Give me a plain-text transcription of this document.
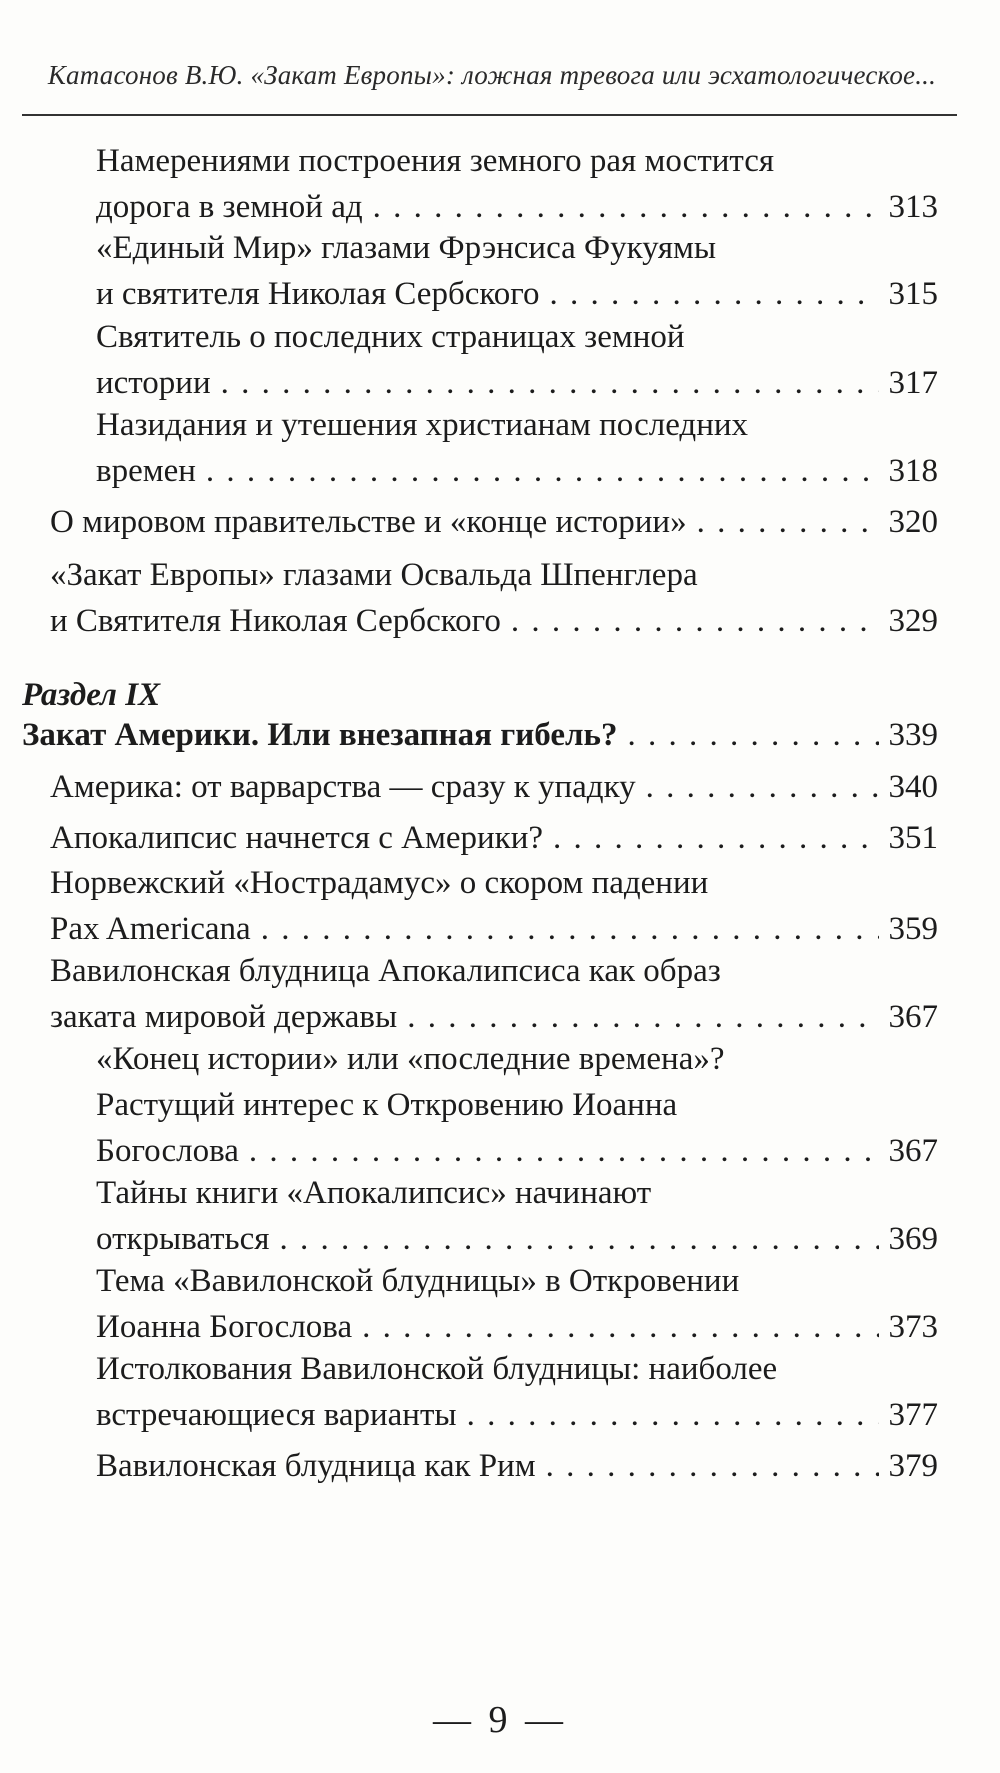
Катасонов В.Ю. «Закат Европы»: ложная тревога или эсхатологическое...
Намерениями построения земного рая мостится
дорога в земной ад . . .	313
«Единый Мир» глазами Фрэнсиса Фукуямы
и святителя Николая Сербского . . .	315
Святитель о последних страницах земной
истории . . .	317
Назидания и утешения христианам последних
времен . . .	318
О мировом правительстве и «конце истории» . . .	320
«Закат Европы» глазами Освальда Шпенглера
и Святителя Николая Сербского . . .	329
Раздел IX
Закат Америки. Или внезапная гибель? . . .	339
Америка: от варварства — сразу к упадку . . .	340
Апокалипсис начнется с Америки? . . .	351
Норвежский «Нострадамус» о скором падении
Pax Americana . . .	359
Вавилонская блудница Апокалипсиса как образ
заката мировой державы . . .	367
«Конец истории» или «последние времена»?
Растущий интерес к Откровению Иоанна
Богослова . . .	367
Тайны книги «Апокалипсис» начинают
открываться . . .	369
Тема «Вавилонской блудницы» в Откровении
Иоанна Богослова . . .	373
Истолкования Вавилонской блудницы: наиболее
встречающиеся варианты . . .	377
Вавилонская блудница как Рим . . .	379
— 9 —
